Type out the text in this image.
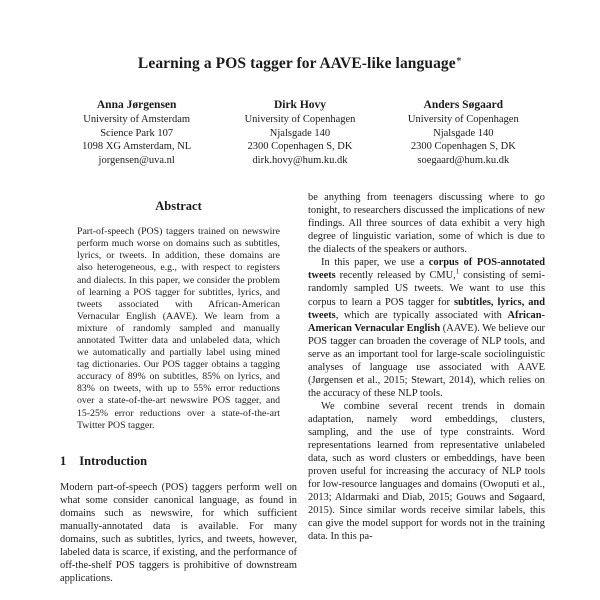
Learning a POS tagger for AAVE-like language∗
Anna Jørgensen
University of Amsterdam
Science Park 107
1098 XG Amsterdam, NL
jorgensen@uva.nl
Dirk Hovy
University of Copenhagen
Njalsgade 140
2300 Copenhagen S, DK
dirk.hovy@hum.ku.dk
Anders Søgaard
University of Copenhagen
Njalsgade 140
2300 Copenhagen S, DK
soegaard@hum.ku.dk
Abstract
Part-of-speech (POS) taggers trained on newswire perform much worse on domains such as subtitles, lyrics, or tweets. In addition, these domains are also heterogeneous, e.g., with respect to registers and dialects. In this paper, we consider the problem of learning a POS tagger for subtitles, lyrics, and tweets associated with African-American Vernacular English (AAVE). We learn from a mixture of randomly sampled and manually annotated Twitter data and unlabeled data, which we automatically and partially label using mined tag dictionaries. Our POS tagger obtains a tagging accuracy of 89% on subtitles, 85% on lyrics, and 83% on tweets, with up to 55% error reductions over a state-of-the-art newswire POS tagger, and 15-25% error reductions over a state-of-the-art Twitter POS tagger.
1 Introduction

Modern part-of-speech (POS) taggers perform well on what some consider canonical language, as found in domains such as newswire, for which sufficient manually-annotated data is available. For many domains, such as subtitles, lyrics, and tweets, however, labeled data is scarce, if existing, and the performance of off-the-shelf POS taggers is prohibitive of downstream applications.

be anything from teenagers discussing where to go tonight, to researchers discussed the implications of new findings. All three sources of data exhibit a very high degree of linguistic variation, some of which is due to the dialects of the speakers or authors.

In this paper, we use a corpus of POS-annotated tweets recently released by CMU,$^1$ consisting of semi-randomly sampled US tweets. We want to use this corpus to learn a POS tagger for subtitles, lyrics, and tweets, which are typically associated with African-American Vernacular English (AAVE). We believe our POS tagger can broaden the coverage of NLP tools, and serve as an important tool for large-scale sociolinguistic analyses of language use associated with AAVE (Jørgensen et al., 2015; Stewart, 2014), which relies on the accuracy of these NLP tools.

We combine several recent trends in domain adaptation, namely word embeddings, clusters, sampling, and the use of type constraints. Word representations learned from representative unlabeled data, such as word clusters or embeddings, have been proven useful for increasing the accuracy of NLP tools for low-resource languages and domains (Owoputi et al., 2013; Aldarmaki and Diab, 2015; Gouws and Søgaard, 2015). Since similar words receive similar labels, this can give the model support for words not in the training data. In this pa-
